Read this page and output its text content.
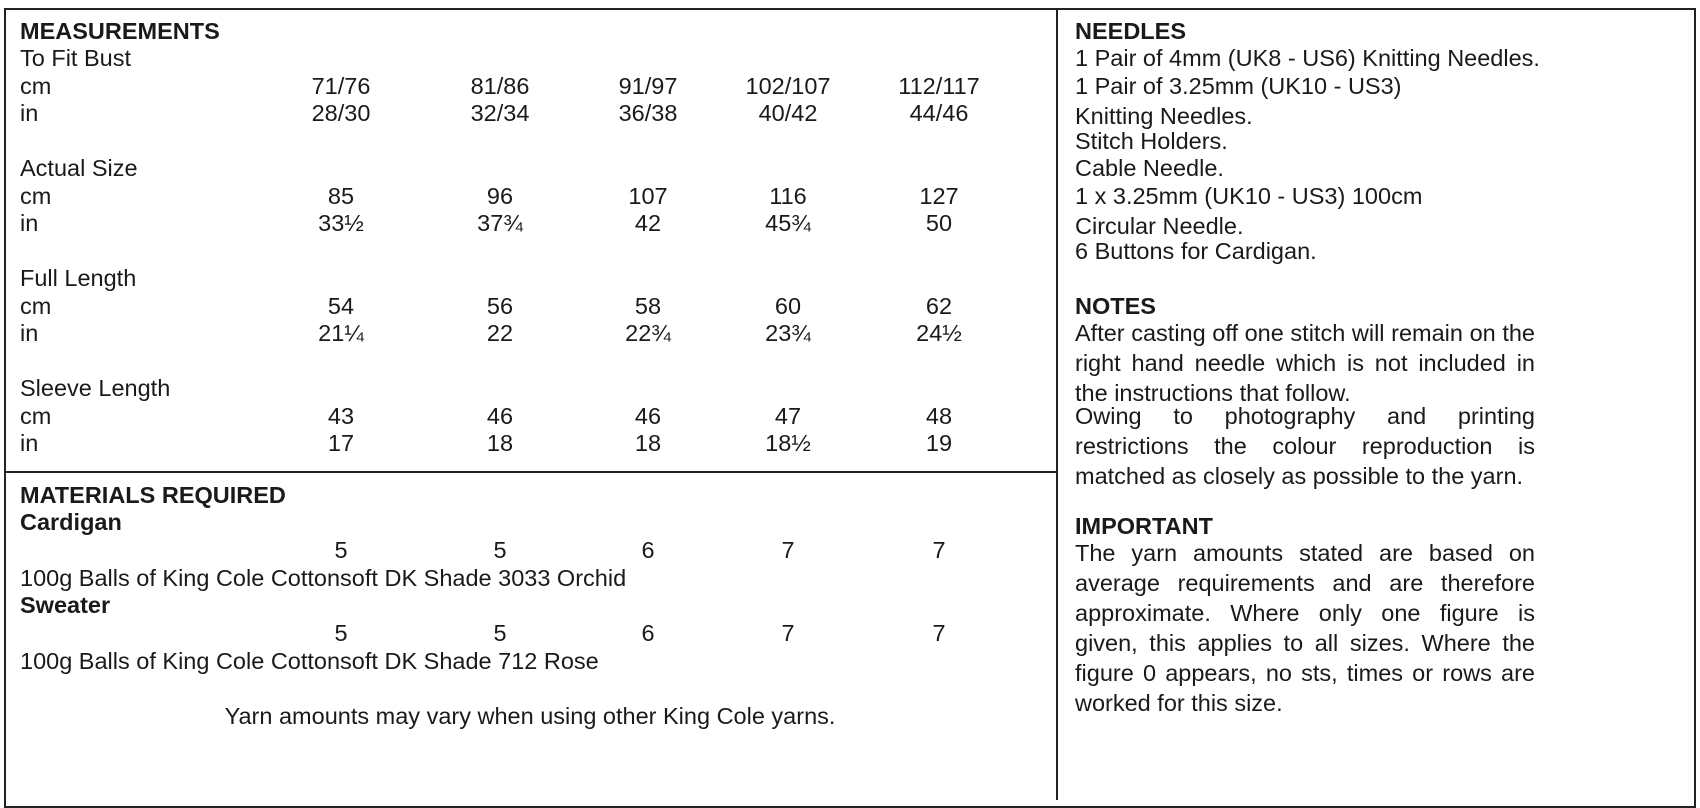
MEASUREMENTS
To Fit Bust
cm	71/76	81/86	91/97	102/107	112/117
in	28/30	32/34	36/38	40/42	44/46
Actual Size
cm	85	96	107	116	127
in	33½	37¾	42	45¾	50
Full Length
cm	54	56	58	60	62
in	21¼	22	22¾	23¾	24½
Sleeve Length
cm	43	46	46	47	48
in	17	18	18	18½	19
MATERIALS REQUIRED
Cardigan
5	5	6	7	7
100g Balls of King Cole Cottonsoft DK Shade 3033 Orchid
Sweater
5	5	6	7	7
100g Balls of King Cole Cottonsoft DK Shade 712 Rose
Yarn amounts may vary when using other King Cole yarns.
NEEDLES
1 Pair of 4mm (UK8 - US6) Knitting Needles.
1 Pair of 3.25mm (UK10 - US3) Knitting Needles.
Stitch Holders.
Cable Needle.
1 x 3.25mm (UK10 - US3) 100cm Circular Needle.
6 Buttons for Cardigan.
NOTES
After casting off one stitch will remain on the right hand needle which is not included in the instructions that follow.
Owing to photography and printing restrictions the colour reproduction is matched as closely as possible to the yarn.
IMPORTANT
The yarn amounts stated are based on average requirements and are therefore approximate. Where only one figure is given, this applies to all sizes. Where the figure 0 appears, no sts, times or rows are worked for this size.
